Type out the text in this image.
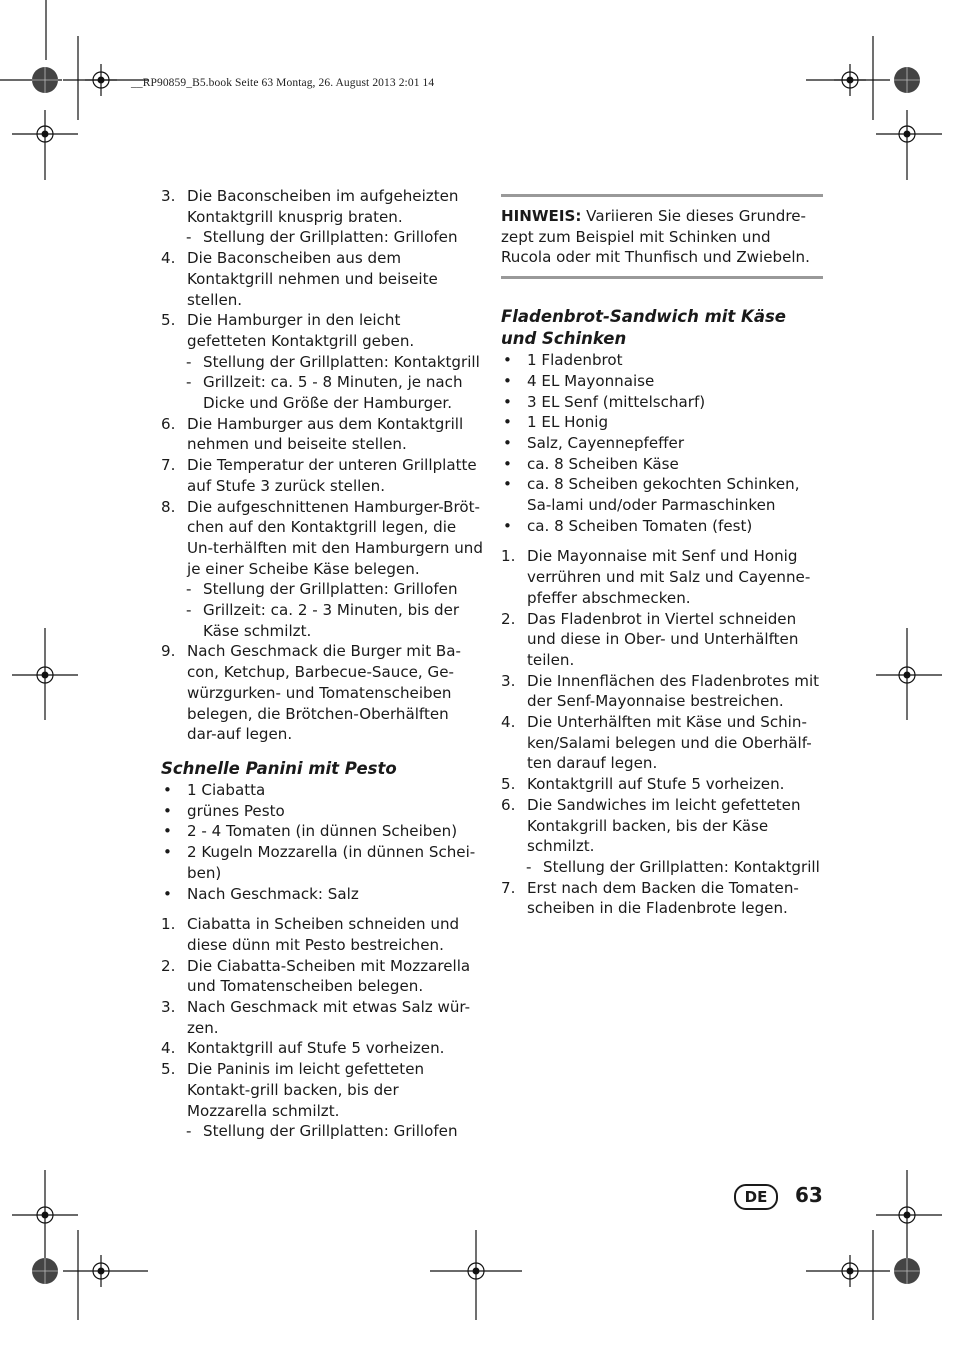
__RP90859_B5.book Seite 63 Montag, 26. August 2013 2:01 14
3. Die Baconscheiben im aufgeheizten Kontaktgrill knusprig braten.
- Stellung der Grillplatten: Grillofen
4. Die Baconscheiben aus dem Kontaktgrill nehmen und beiseite stellen.
5. Die Hamburger in den leicht gefetteten Kontaktgrill geben.
- Stellung der Grillplatten: Kontaktgrill
- Grillzeit: ca. 5 - 8 Minuten, je nach Dicke und Größe der Hamburger.
6. Die Hamburger aus dem Kontaktgrill nehmen und beiseite stellen.
7. Die Temperatur der unteren Grillplatte auf Stufe 3 zurück stellen.
8. Die aufgeschnittenen Hamburger-Bröt-chen auf den Kontaktgrill legen, die Un-terhälften mit den Hamburgern und je einer Scheibe Käse belegen.
- Stellung der Grillplatten: Grillofen
- Grillzeit: ca. 2 - 3 Minuten, bis der Käse schmilzt.
9. Nach Geschmack die Burger mit Ba-con, Ketchup, Barbecue-Sauce, Ge-würzgurken- und Tomatenscheiben belegen, die Brötchen-Oberhälften dar-auf legen.
Schnelle Panini mit Pesto
• 1 Ciabatta
• grünes Pesto
• 2 - 4 Tomaten (in dünnen Scheiben)
• 2 Kugeln Mozzarella (in dünnen Schei-ben)
• Nach Geschmack: Salz
1. Ciabatta in Scheiben schneiden und diese dünn mit Pesto bestreichen.
2. Die Ciabatta-Scheiben mit Mozzarella und Tomatenscheiben belegen.
3. Nach Geschmack mit etwas Salz wür-zen.
4. Kontaktgrill auf Stufe 5 vorheizen.
5. Die Paninis im leicht gefetteten Kontakt-grill backen, bis der Mozzarella schmilzt.
- Stellung der Grillplatten: Grillofen
HINWEIS: Variieren Sie dieses Grundre-zept zum Beispiel mit Schinken und Rucola oder mit Thunfisch und Zwiebeln.
Fladenbrot-Sandwich mit Käse und Schinken
• 1 Fladenbrot
• 4 EL Mayonnaise
• 3 EL Senf (mittelscharf)
• 1 EL Honig
• Salz, Cayennepfeffer
• ca. 8 Scheiben Käse
• ca. 8 Scheiben gekochten Schinken, Sa-lami und/oder Parmaschinken
• ca. 8 Scheiben Tomaten (fest)
1. Die Mayonnaise mit Senf und Honig verrühren und mit Salz und Cayenne-pfeffer abschmecken.
2. Das Fladenbrot in Viertel schneiden und diese in Ober- und Unterhälften teilen.
3. Die Innenflächen des Fladenbrotes mit der Senf-Mayonnaise bestreichen.
4. Die Unterhälften mit Käse und Schin-ken/Salami belegen und die Oberhälf-ten darauf legen.
5. Kontaktgrill auf Stufe 5 vorheizen.
6. Die Sandwiches im leicht gefetteten Kontakgrill backen, bis der Käse schmilzt.
- Stellung der Grillplatten: Kontaktgrill
7. Erst nach dem Backen die Tomaten-scheiben in die Fladenbrote legen.
DE	63
